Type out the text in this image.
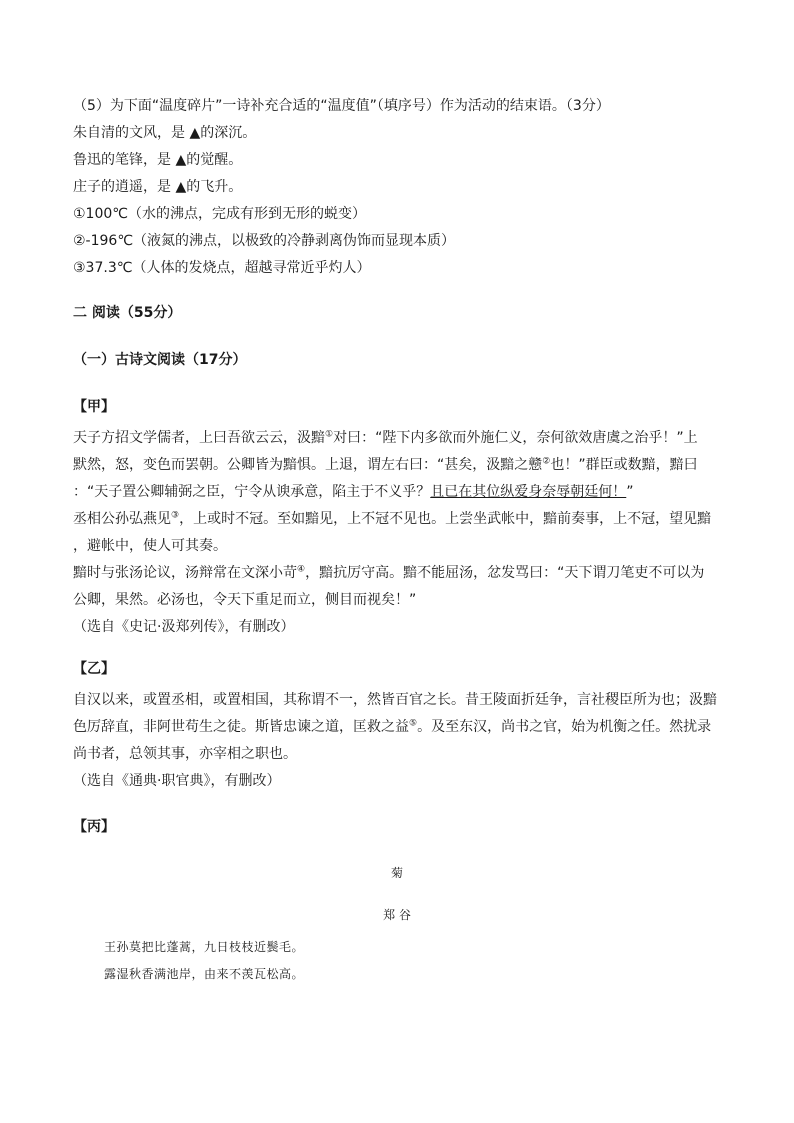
（5）为下面“温度碎片”一诗补充合适的“温度值”（填序号）作为活动的结束语。（3分）
朱自清的文风，是 ▲的深沉。
鲁迅的笔锋，是 ▲的觉醒。
庄子的逍遥，是 ▲的飞升。
①100℃（水的沸点，完成有形到无形的蜕变）
②-196℃（液氮的沸点，以极致的冷静剥离伪饰而显现本质）
③37.3℃（人体的发烧点，超越寻常近乎灼人）
二 阅读（55分）
（一）古诗文阅读（17分）
【甲】
天子方招文学儒者，上曰吾欲云云，汲黯①对曰：“陛下内多欲而外施仁义，奈何欲效唐虞之治乎！”上
默然，怒，变色而罢朝。公卿皆为黯惧。上退，谓左右曰：“甚矣，汲黯之戆②也！”群臣或数黯，黯曰
：“天子置公卿辅弼之臣，宁令从谀承意，陷主于不义乎？且已在其位纵爱身奈辱朝廷何！”
丞相公孙弘燕见③，上或时不冠。至如黯见，上不冠不见也。上尝坐武帐中，黯前奏事，上不冠，望见黯
，避帐中，使人可其奏。
黯时与张汤论议，汤辩常在文深小苛④，黯抗厉守高。黯不能屈汤，忿发骂曰：“天下谓刀笔吏不可以为
公卿，果然。必汤也，令天下重足而立，侧目而视矣！”
（选自《史记·汲郑列传》，有删改）
【乙】
自汉以来，或置丞相，或置相国，其称谓不一，然皆百官之长。昔王陵面折廷争，言社稷臣所为也；汲黯
色厉辞直，非阿世苟生之徒。斯皆忠谏之道，匡救之益⑤。及至东汉，尚书之官，始为机衡之任。然扰录
尚书者，总领其事，亦宰相之职也。
（选自《通典·职官典》，有删改）
【丙】
菊
郑 谷
王孙莫把比蓬蒿，九日枝枝近鬓毛。
露湿秋香满池岸，由来不羡瓦松高。
